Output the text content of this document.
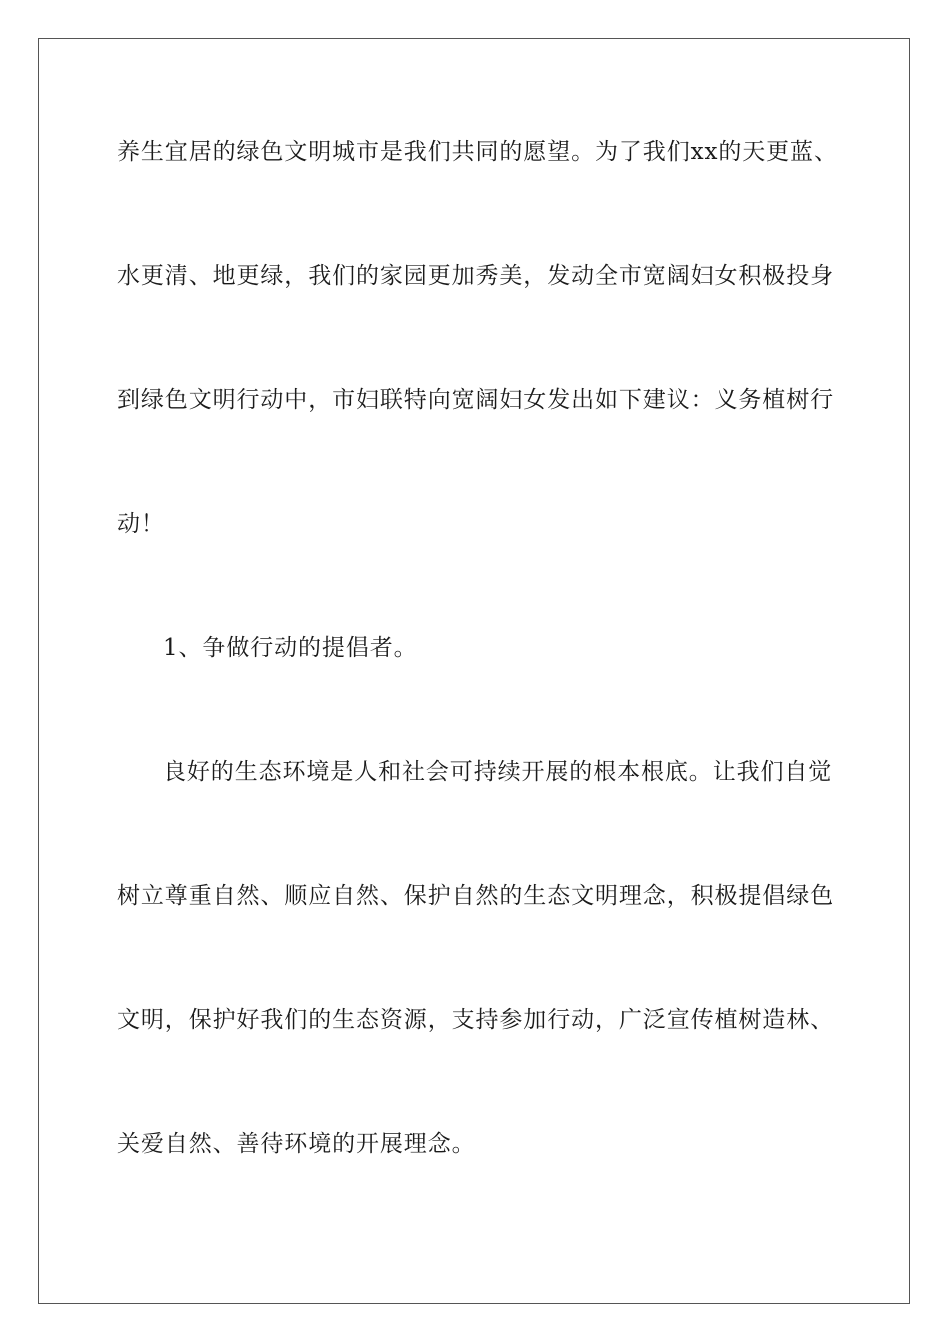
养生宜居的绿色文明城市是我们共同的愿望。为了我们xx的天更蓝、
水更清、地更绿，我们的家园更加秀美，发动全市宽阔妇女积极投身
到绿色文明行动中，市妇联特向宽阔妇女发出如下建议：义务植树行
动！
1、争做行动的提倡者。
良好的生态环境是人和社会可持续开展的根本根底。让我们自觉
树立尊重自然、顺应自然、保护自然的生态文明理念，积极提倡绿色
文明，保护好我们的生态资源，支持参加行动，广泛宣传植树造林、
关爱自然、善待环境的开展理念。
